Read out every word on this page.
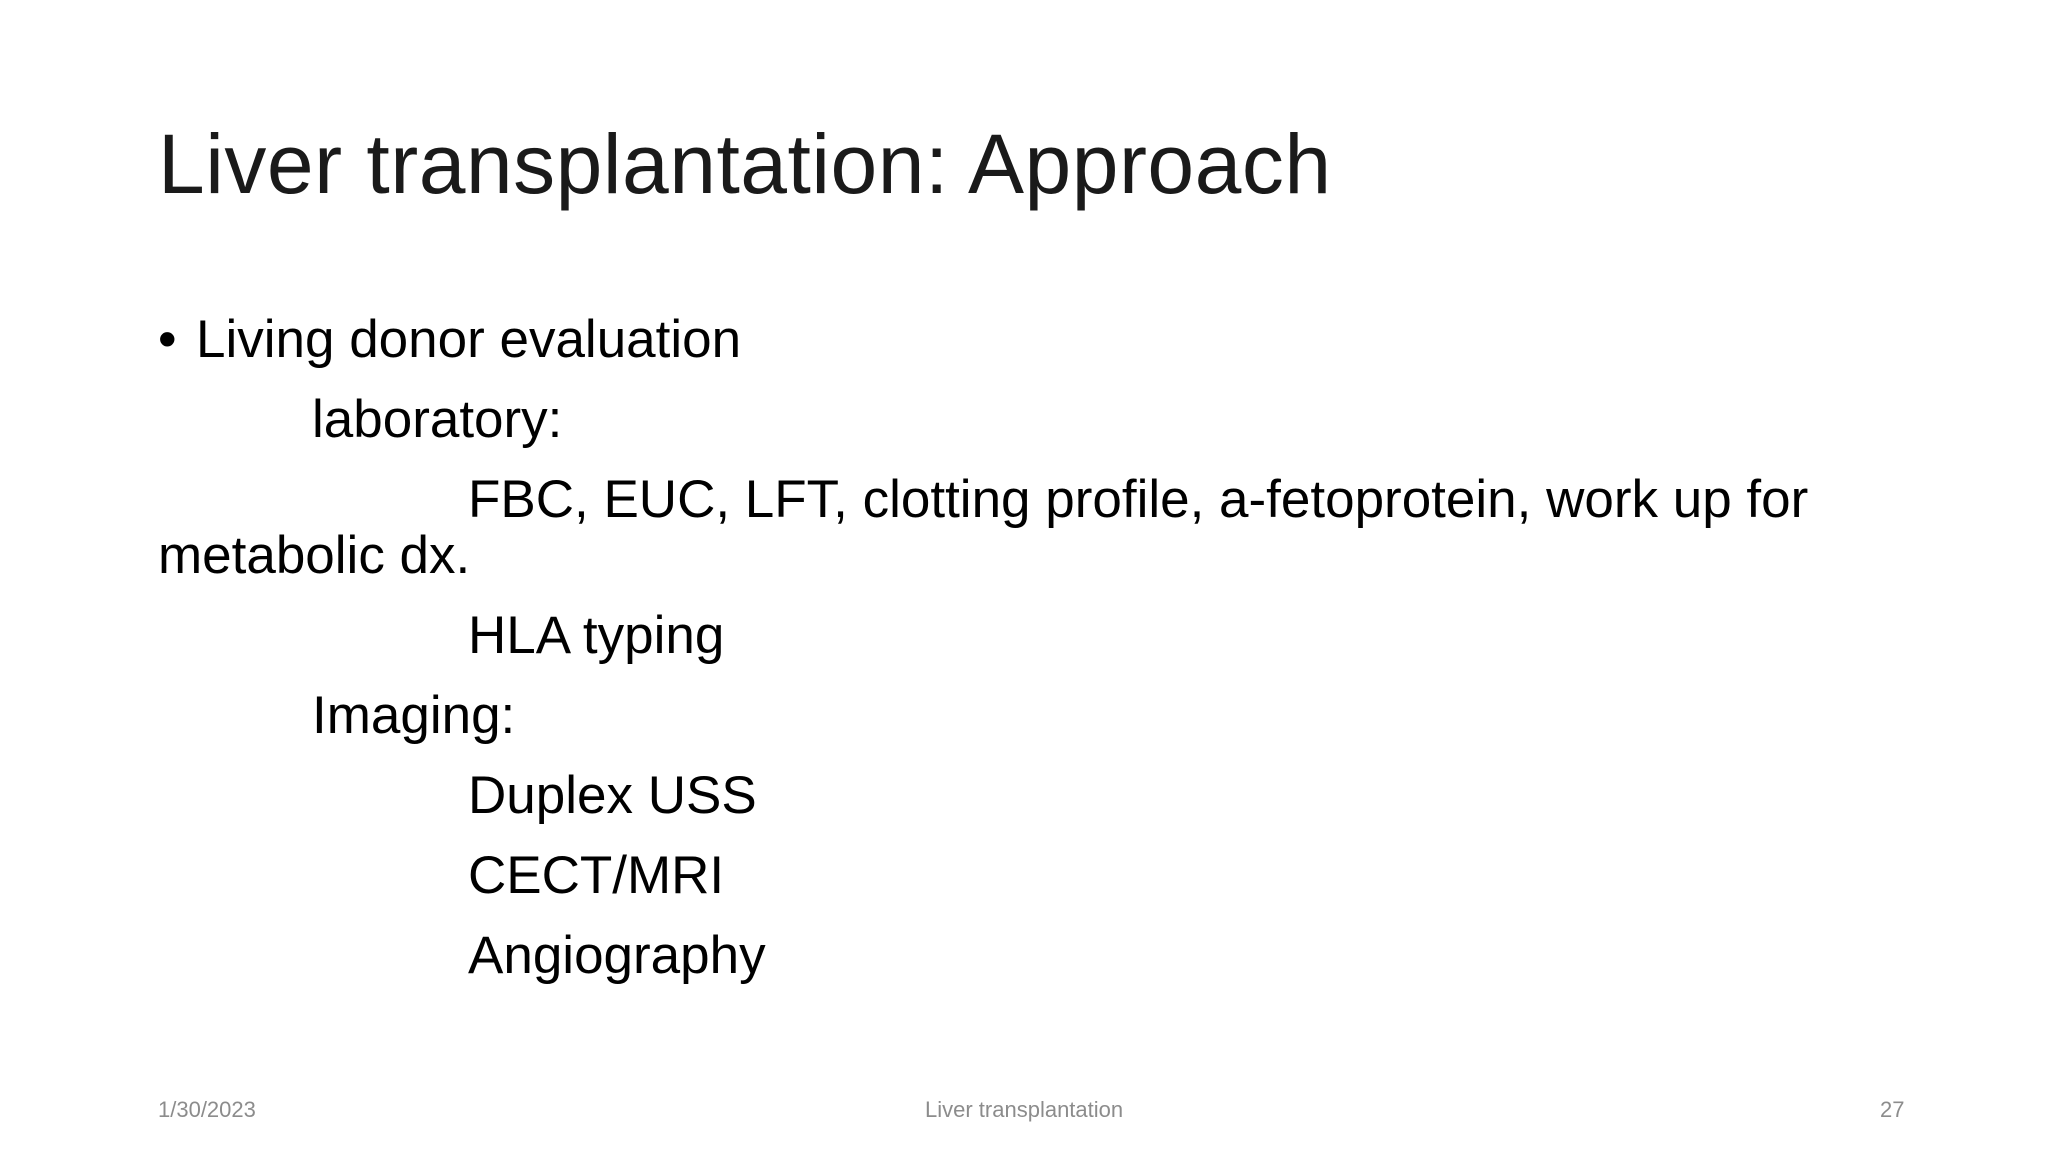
Liver transplantation: Approach
• Living donor evaluation
laboratory:
FBC, EUC, LFT, clotting profile, a-fetoprotein, work up for
metabolic dx.
HLA typing
Imaging:
Duplex USS
CECT/MRI
Angiography
1/30/2023	Liver transplantation	27
